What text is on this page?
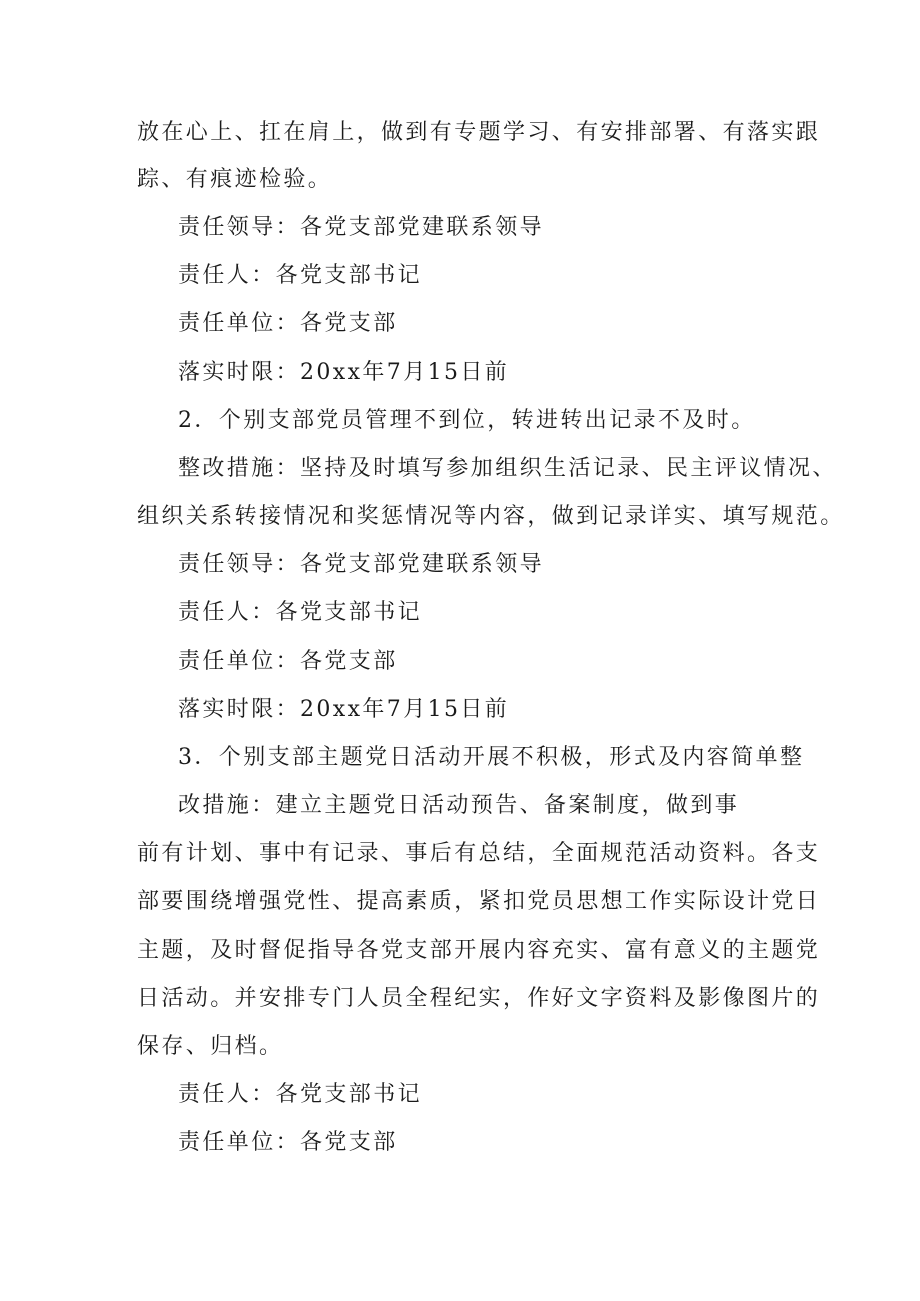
放在心上、扛在肩上，做到有专题学习、有安排部署、有落实跟
踪、有痕迹检验。
责任领导：各党支部党建联系领导
责任人：各党支部书记
责任单位：各党支部
落实时限：20xx年7月15日前
2．个别支部党员管理不到位，转进转出记录不及时。
整改措施：坚持及时填写参加组织生活记录、民主评议情况、
组织关系转接情况和奖惩情况等内容，做到记录详实、填写规范。
责任领导：各党支部党建联系领导
责任人：各党支部书记
责任单位：各党支部
落实时限：20xx年7月15日前
3．个别支部主题党日活动开展不积极，形式及内容简单整
改措施：建立主题党日活动预告、备案制度，做到事
前有计划、事中有记录、事后有总结，全面规范活动资料。各支
部要围绕增强党性、提高素质，紧扣党员思想工作实际设计党日
主题，及时督促指导各党支部开展内容充实、富有意义的主题党
日活动。并安排专门人员全程纪实，作好文字资料及影像图片的
保存、归档。
责任人：各党支部书记
责任单位：各党支部
